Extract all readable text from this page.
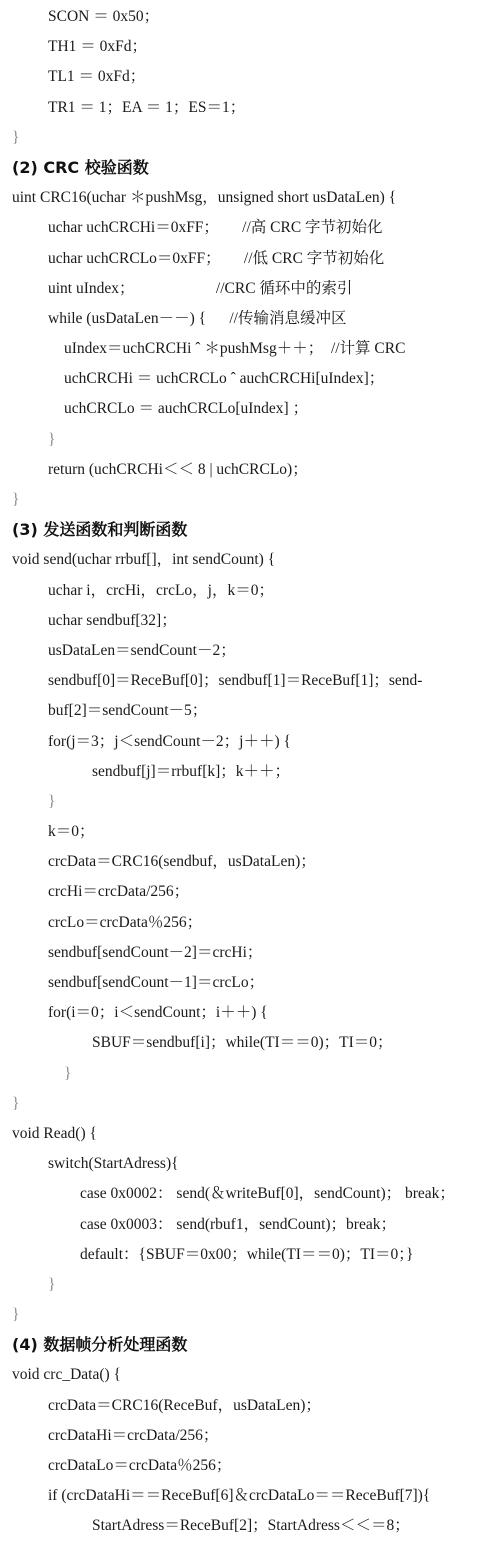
SCON ＝ 0x50；
TH1 ＝ 0xFd；
TL1 ＝ 0xFd；
TR1 ＝ 1；EA ＝ 1；ES＝1；
}
(2) CRC 校验函数
uint CRC16(uchar ＊pushMsg，unsigned short usDataLen) {
uchar uchCRCHi＝0xFF；      //高 CRC 字节初始化
uchar uchCRCLo＝0xFF；      //低 CRC 字节初始化
uint uIndex；                     //CRC 循环中的索引
while (usDataLen－－) {      //传输消息缓冲区
uIndex＝uchCRCHi ˆ ＊pushMsg＋＋；  //计算 CRC
uchCRCHi ＝ uchCRCLo ˆ auchCRCHi[uIndex]；
uchCRCLo ＝ auchCRCLo[uIndex] ；
}
return (uchCRCHi＜＜ 8 | uchCRCLo)；
}
(3) 发送函数和判断函数
void send(uchar rrbuf[]，int sendCount) {
uchar i，crcHi，crcLo，j，k＝0；
uchar sendbuf[32]；
usDataLen＝sendCount－2；
sendbuf[0]＝ReceBuf[0]；sendbuf[1]＝ReceBuf[1]；send-
buf[2]＝sendCount－5；
for(j＝3；j＜sendCount－2；j＋＋) {
sendbuf[j]＝rrbuf[k]；k＋＋；
}
k＝0；
crcData＝CRC16(sendbuf，usDataLen)；
crcHi＝crcData/256；
crcLo＝crcData％256；
sendbuf[sendCount－2]＝crcHi；
sendbuf[sendCount－1]＝crcLo；
for(i＝0；i＜sendCount；i＋＋) {
SBUF＝sendbuf[i]；while(TI＝＝0)；TI＝0；
}
}
void Read() {
switch(StartAdress){
case 0x0002： send(＆writeBuf[0]，sendCount)； break；
case 0x0003： send(rbuf1，sendCount)；break；
default：{SBUF＝0x00；while(TI＝＝0)；TI＝0；}
}
}
(4) 数据帧分析处理函数
void crc_Data() {
crcData＝CRC16(ReceBuf，usDataLen)；
crcDataHi＝crcData/256；
crcDataLo＝crcData％256；
if (crcDataHi＝＝ReceBuf[6]＆crcDataLo＝＝ReceBuf[7]){
StartAdress＝ReceBuf[2]；StartAdress＜＜＝8；
